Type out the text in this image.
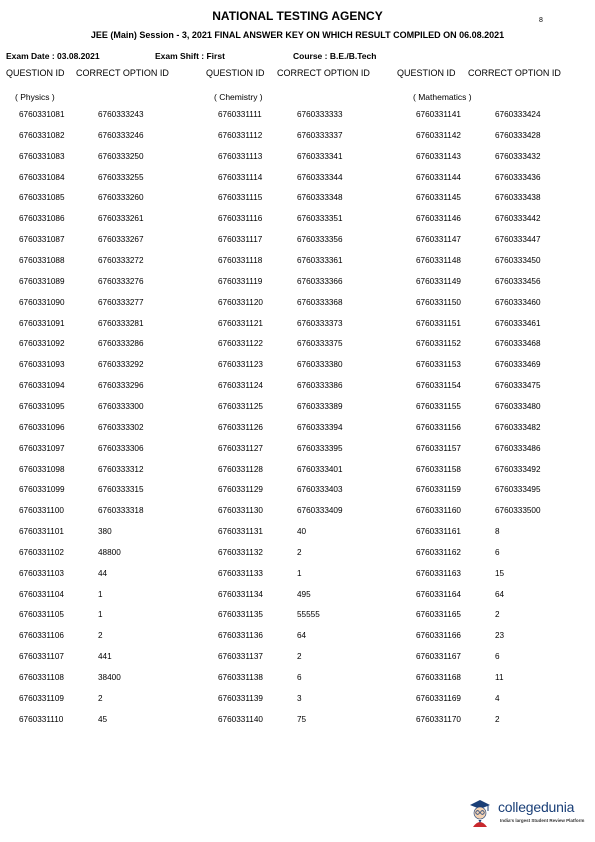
NATIONAL TESTING AGENCY	8
JEE (Main) Session - 3, 2021 FINAL ANSWER KEY ON WHICH RESULT COMPILED ON 06.08.2021
Exam Date : 03.08.2021	Exam Shift : First	Course : B.E./B.Tech
QUESTION ID CORRECT OPTION ID	QUESTION ID CORRECT OPTION ID	QUESTION ID CORRECT OPTION ID
( Physics )	( Chemistry )	( Mathematics )
6760331081	6760333243
6760331082	6760333246
6760331083	6760333250
6760331084	6760333255
6760331085	6760333260
6760331086	6760333261
6760331087	6760333267
6760331088	6760333272
6760331089	6760333276
6760331090	6760333277
6760331091	6760333281
6760331092	6760333286
6760331093	6760333292
6760331094	6760333296
6760331095	6760333300
6760331096	6760333302
6760331097	6760333306
6760331098	6760333312
6760331099	6760333315
6760331100	6760333318
6760331101	380
6760331102	48800
6760331103	44
6760331104	1
6760331105	1
6760331106	2
6760331107	441
6760331108	38400
6760331109	2
6760331110	45
6760331111	6760333333
6760331112	6760333337
6760331113	6760333341
6760331114	6760333344
6760331115	6760333348
6760331116	6760333351
6760331117	6760333356
6760331118	6760333361
6760331119	6760333366
6760331120	6760333368
6760331121	6760333373
6760331122	6760333375
6760331123	6760333380
6760331124	6760333386
6760331125	6760333389
6760331126	6760333394
6760331127	6760333395
6760331128	6760333401
6760331129	6760333403
6760331130	6760333409
6760331131	40
6760331132	2
6760331133	1
6760331134	495
6760331135	55555
6760331136	64
6760331137	2
6760331138	6
6760331139	3
6760331140	75
6760331141	6760333424
6760331142	6760333428
6760331143	6760333432
6760331144	6760333436
6760331145	6760333438
6760331146	6760333442
6760331147	6760333447
6760331148	6760333450
6760331149	6760333456
6760331150	6760333460
6760331151	6760333461
6760331152	6760333468
6760331153	6760333469
6760331154	6760333475
6760331155	6760333480
6760331156	6760333482
6760331157	6760333486
6760331158	6760333492
6760331159	6760333495
6760331160	6760333500
6760331161	8
6760331162	6
6760331163	15
6760331164	64
6760331165	2
6760331166	23
6760331167	6
6760331168	11
6760331169	4
6760331170	2
collegedunia
India's largest Student Review Platform
